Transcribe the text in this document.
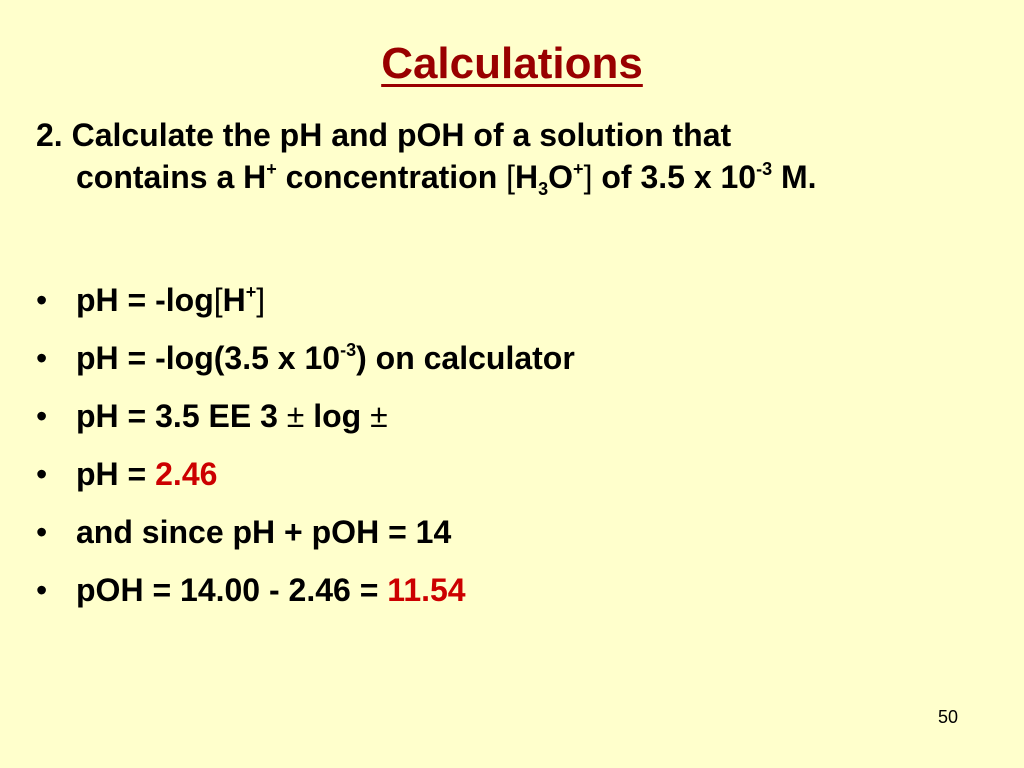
Calculations
2. Calculate the pH and pOH of a solution that
contains a H+ concentration $[H_3O^+]$ of 3.5 x $10^{-3}$ M.
• pH = -log[H+]
• pH = -log(3.5 x $10^{-3}$) on calculator
• pH = 3.5 EE 3 ± log ±
• pH = 2.46
• and since pH + pOH = 14
• pOH = 14.00 - 2.46 = 11.54
50
